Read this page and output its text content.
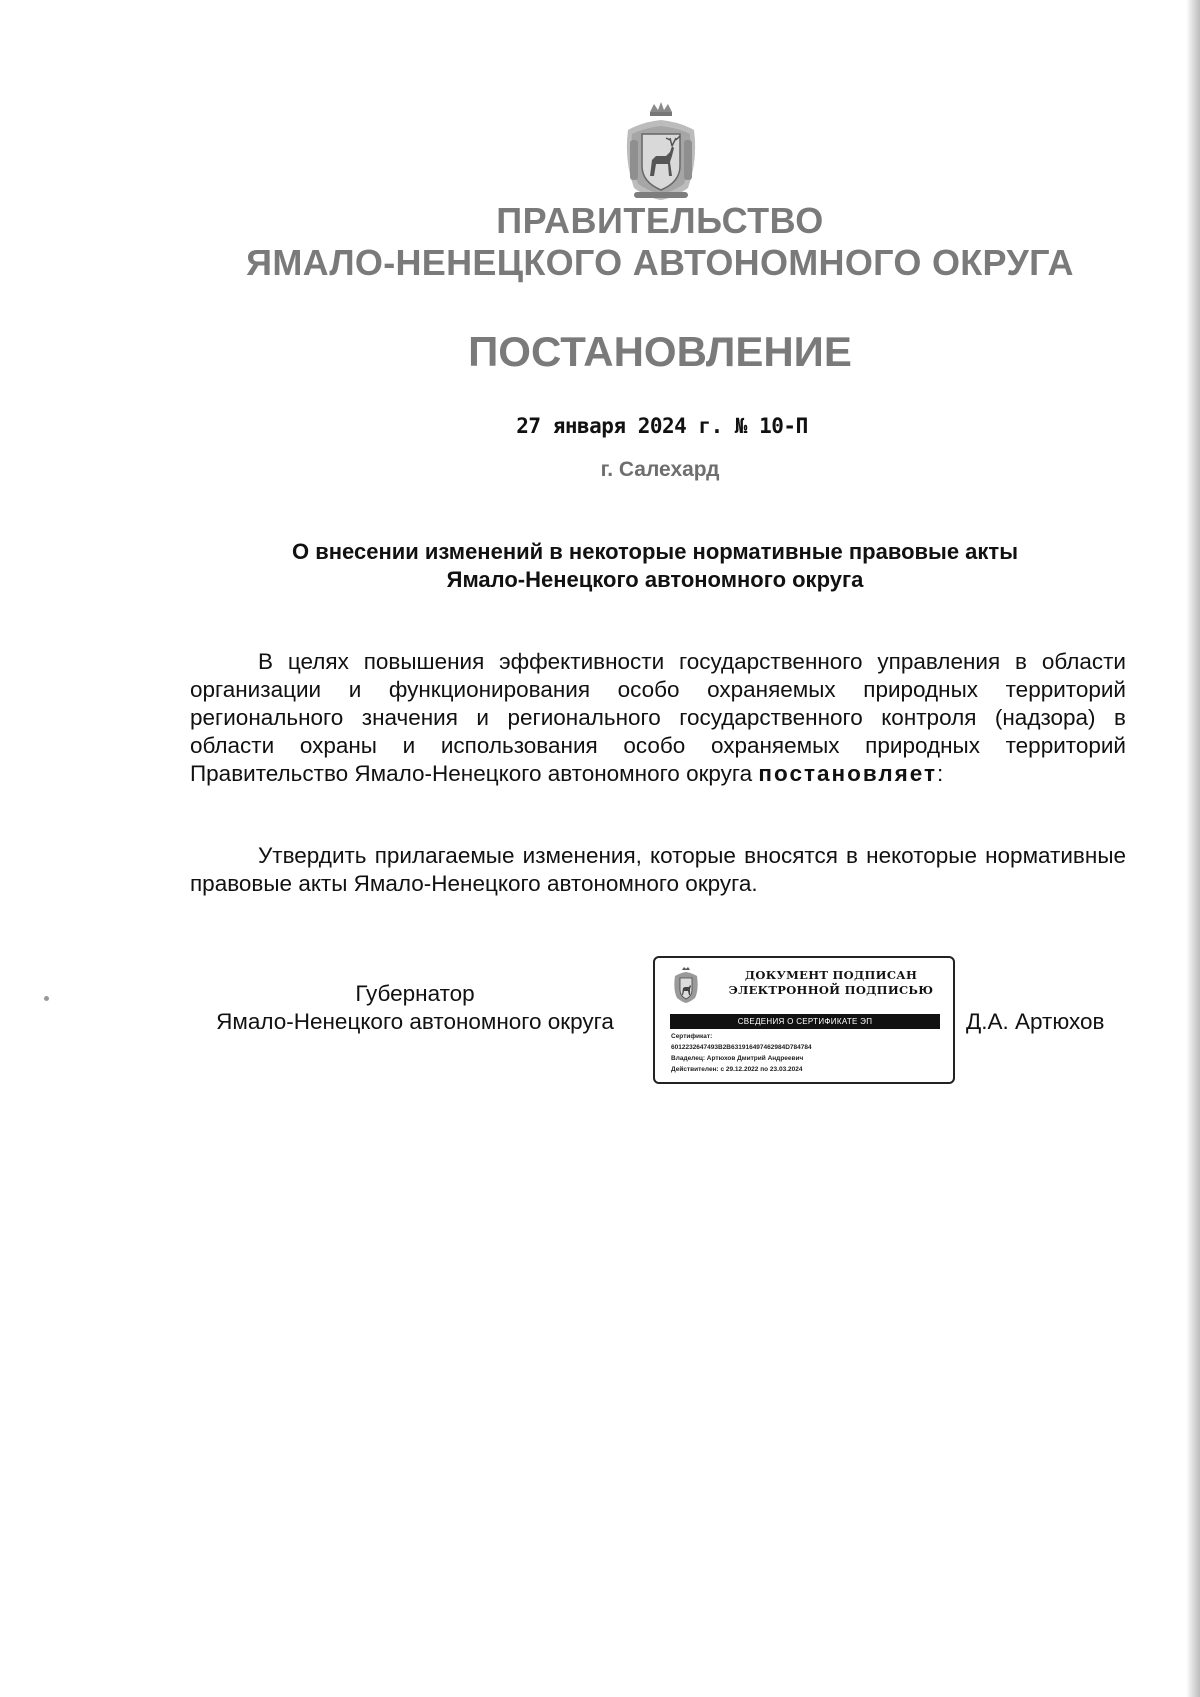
ПРАВИТЕЛЬСТВО
ЯМАЛО-НЕНЕЦКОГО АВТОНОМНОГО ОКРУГА
ПОСТАНОВЛЕНИЕ
27 января 2024 г. № 10-П
г. Салехард
О внесении изменений в некоторые нормативные правовые акты
Ямало-Ненецкого автономного округа

В целях повышения эффективности государственного управления в области организации и функционирования особо охраняемых природных территорий регионального значения и регионального государственного контроля (надзора) в области охраны и использования особо охраняемых природных территорий Правительство Ямало-Ненецкого автономного округа постановляет:

Утвердить прилагаемые изменения, которые вносятся в некоторые нормативные правовые акты Ямало-Ненецкого автономного округа.

Губернатор
Ямало-Ненецкого автономного округа
ДОКУМЕНТ ПОДПИСАН
ЭЛЕКТРОННОЙ ПОДПИСЬЮ
СВЕДЕНИЯ О СЕРТИФИКАТЕ ЭП
Сертификат:
6012232647493B2B631916497462984D784784
Владелец: Артюхов Дмитрий Андреевич
Действителен: с 29.12.2022 по 23.03.2024
Д.А. Артюхов
